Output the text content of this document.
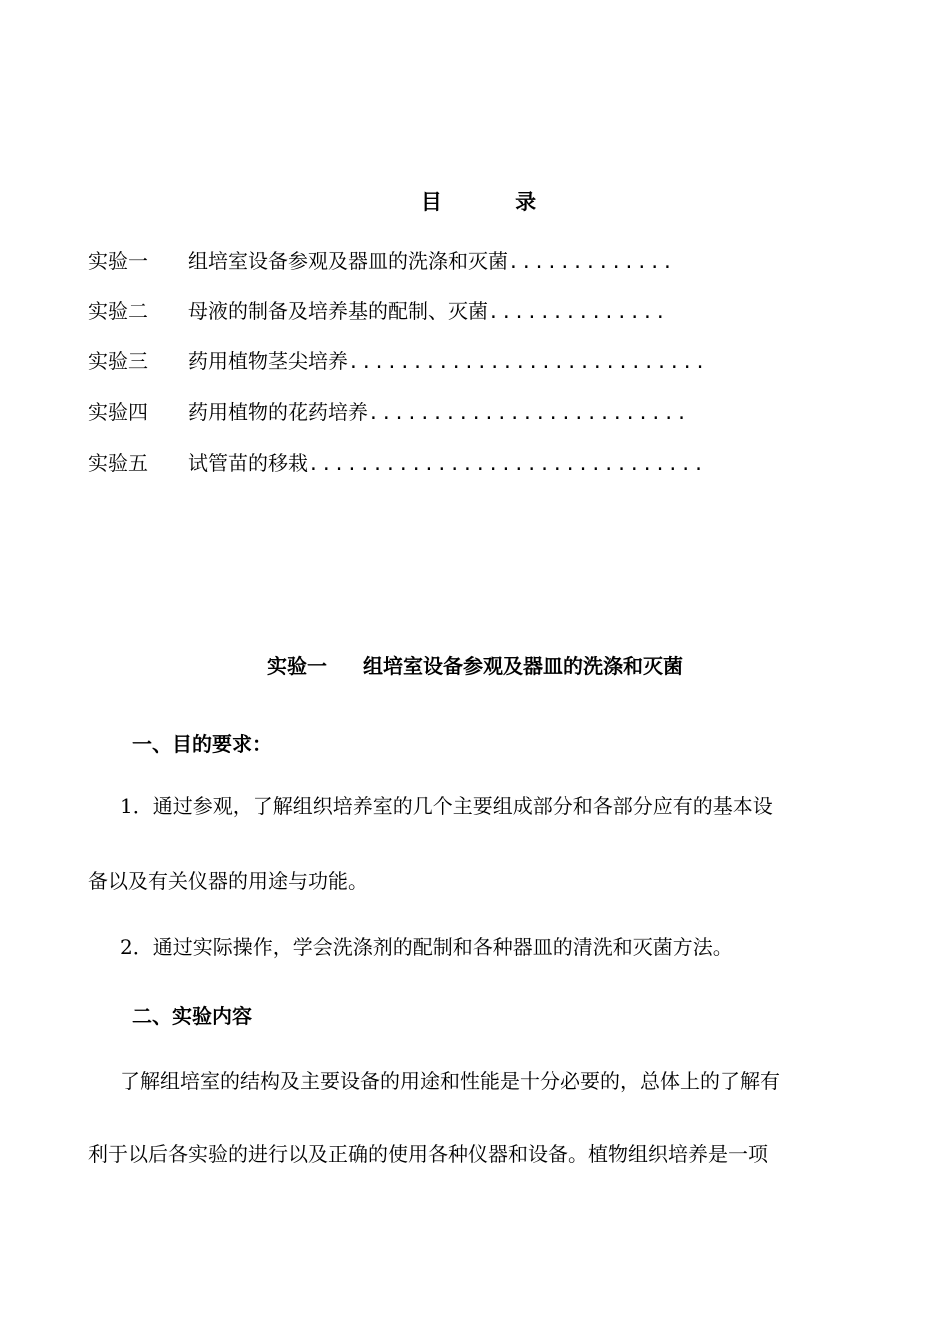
目 录
实验一 组培室设备参观及器皿的洗涤和灭菌.............
实验二 母液的制备及培养基的配制、灭菌..............
实验三 药用植物茎尖培养............................
实验四 药用植物的花药培养.........................
实验五 试管苗的移栽...............................
实验一 组培室设备参观及器皿的洗涤和灭菌
一、目的要求：
1．通过参观，了解组织培养室的几个主要组成部分和各部分应有的基本设
备以及有关仪器的用途与功能。
2．通过实际操作，学会洗涤剂的配制和各种器皿的清洗和灭菌方法。
二、实验内容
了解组培室的结构及主要设备的用途和性能是十分必要的，总体上的了解有
利于以后各实验的进行以及正确的使用各种仪器和设备。植物组织培养是一项
